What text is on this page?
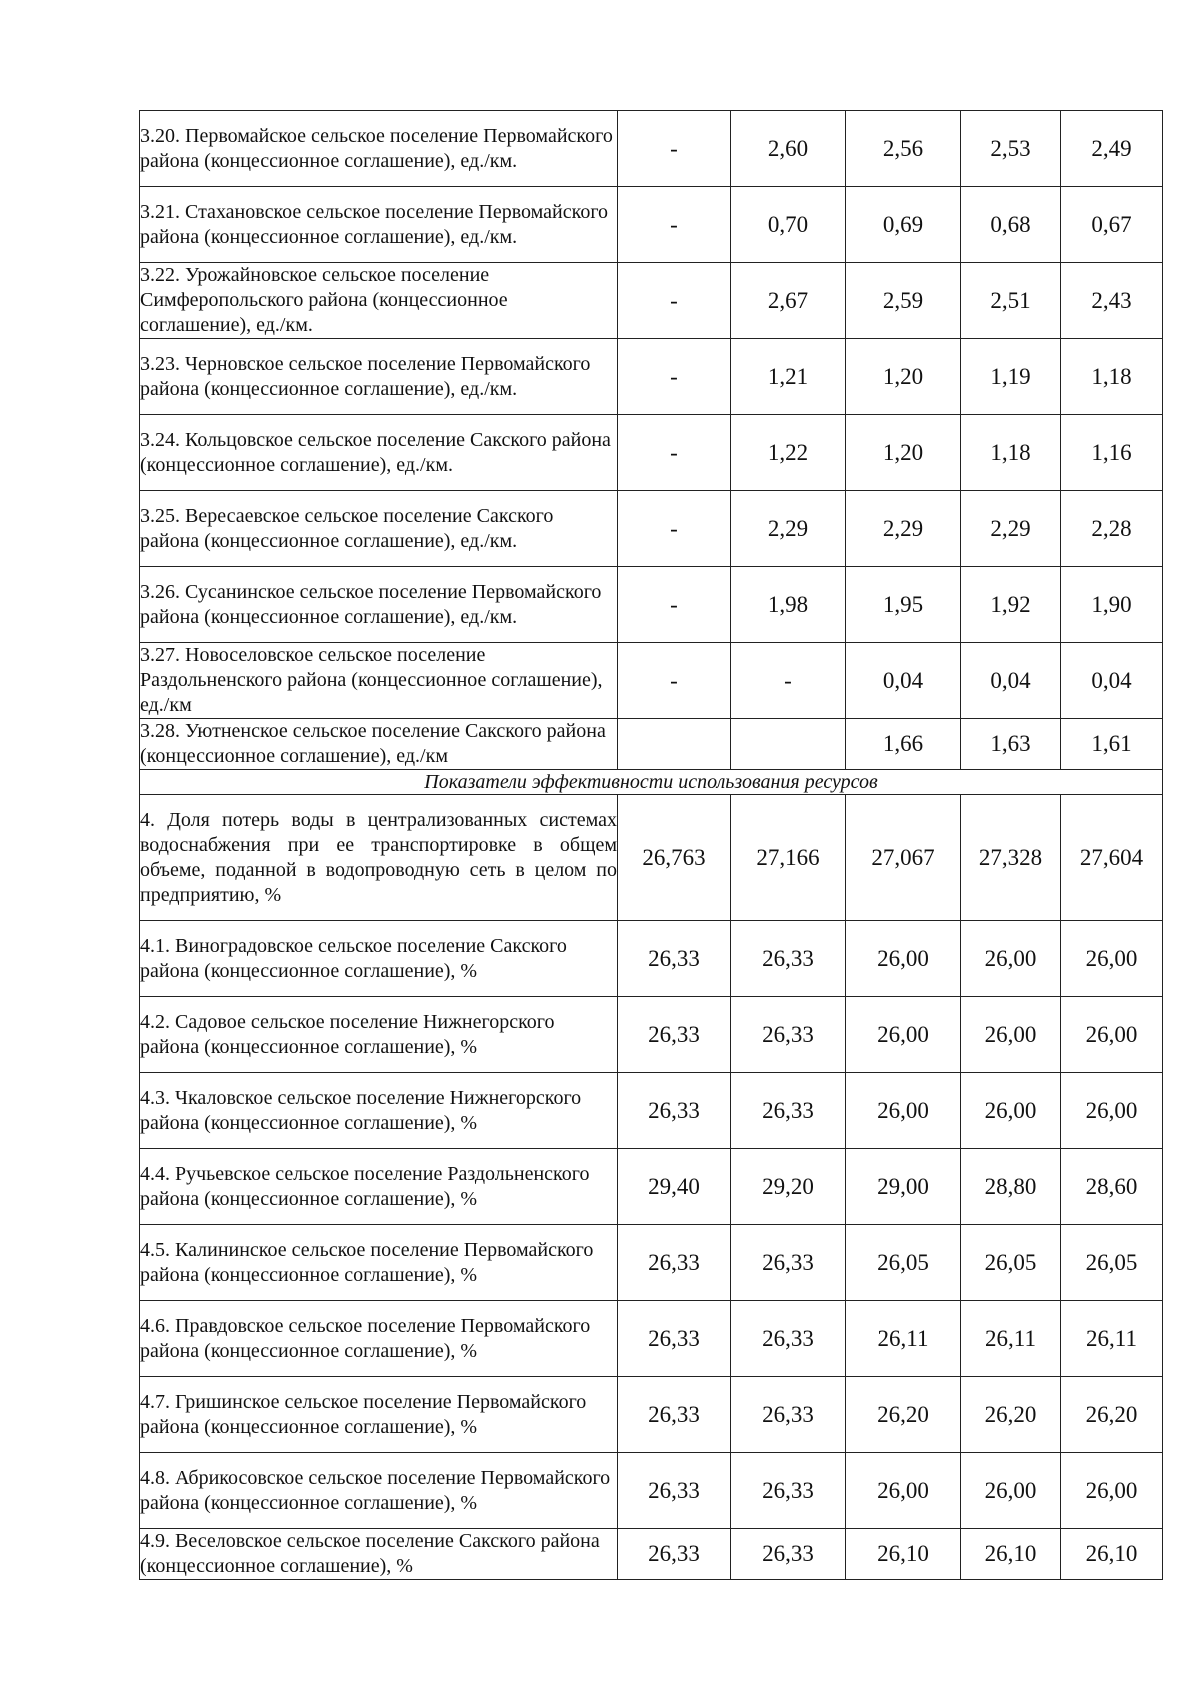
3.20. Первомайское сельское поселение Первомайского района (концессионное соглашение), ед./км.	-	2,60	2,56	2,53	2,49
3.21. Стахановское сельское поселение Первомайского района (концессионное соглашение), ед./км.	-	0,70	0,69	0,68	0,67
3.22. Урожайновское сельское поселение Симферопольского района (концессионное соглашение), ед./км.	-	2,67	2,59	2,51	2,43
3.23. Черновское сельское поселение Первомайского района (концессионное соглашение), ед./км.	-	1,21	1,20	1,19	1,18
3.24. Кольцовское сельское поселение Сакского района (концессионное соглашение), ед./км.	-	1,22	1,20	1,18	1,16
3.25. Вересаевское сельское поселение Сакского района (концессионное соглашение), ед./км.	-	2,29	2,29	2,29	2,28
3.26. Сусанинское сельское поселение Первомайского района (концессионное соглашение), ед./км.	-	1,98	1,95	1,92	1,90
3.27. Новоселовское сельское поселение Раздольненского района (концессионное соглашение), ед./км	-	-	0,04	0,04	0,04
3.28. Уютненское сельское поселение Сакского района (концессионное соглашение), ед./км			1,66	1,63	1,61
Показатели эффективности использования ресурсов					
4. Доля потерь воды в централизованных системах водоснабжения при ее транспортировке в общем объеме, поданной в водопроводную сеть в целом по предприятию, %	26,763	27,166	27,067	27,328	27,604
4.1. Виноградовское сельское поселение Сакского района (концессионное соглашение), %	26,33	26,33	26,00	26,00	26,00
4.2. Садовое сельское поселение Нижнегорского района (концессионное соглашение), %	26,33	26,33	26,00	26,00	26,00
4.3. Чкаловское сельское поселение Нижнегорского района (концессионное соглашение), %	26,33	26,33	26,00	26,00	26,00
4.4. Ручьевское сельское поселение Раздольненского района (концессионное соглашение), %	29,40	29,20	29,00	28,80	28,60
4.5. Калининское сельское поселение Первомайского района (концессионное соглашение), %	26,33	26,33	26,05	26,05	26,05
4.6. Правдовское сельское поселение Первомайского района (концессионное соглашение), %	26,33	26,33	26,11	26,11	26,11
4.7. Гришинское сельское поселение Первомайского района (концессионное соглашение), %	26,33	26,33	26,20	26,20	26,20
4.8. Абрикосовское сельское поселение Первомайского района (концессионное соглашение), %	26,33	26,33	26,00	26,00	26,00
4.9. Веселовское сельское поселение Сакского района (концессионное соглашение), %	26,33	26,33	26,10	26,10	26,10
